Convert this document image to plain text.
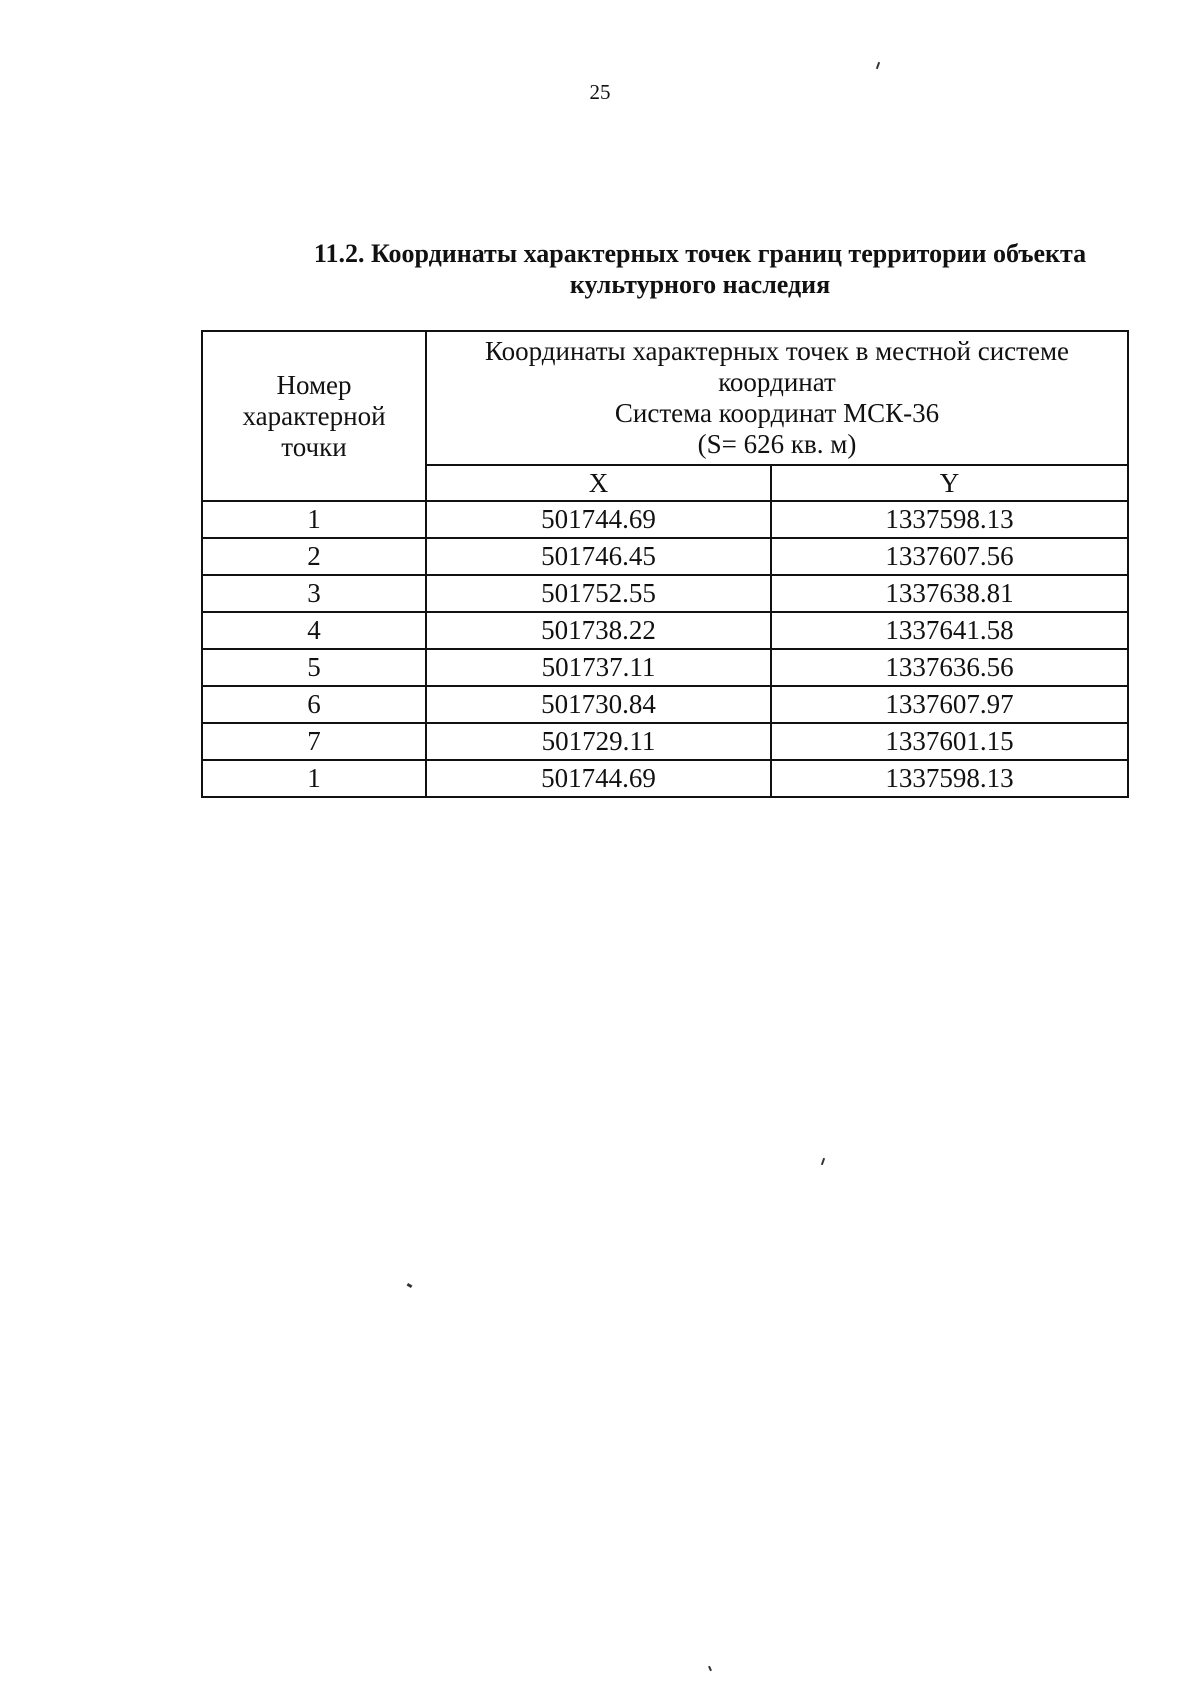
25
11.2. Координаты характерных точек границ территории объекта
культурного наследия
Номер
характерной
точки	Координаты характерных точек в местной системе
координат
Система координат МСК-36
(S= 626 кв. м)	

	X	Y
1	501744.69	1337598.13
2	501746.45	1337607.56
3	501752.55	1337638.81
4	501738.22	1337641.58
5	501737.11	1337636.56
6	501730.84	1337607.97
7	501729.11	1337601.15
1	501744.69	1337598.13
